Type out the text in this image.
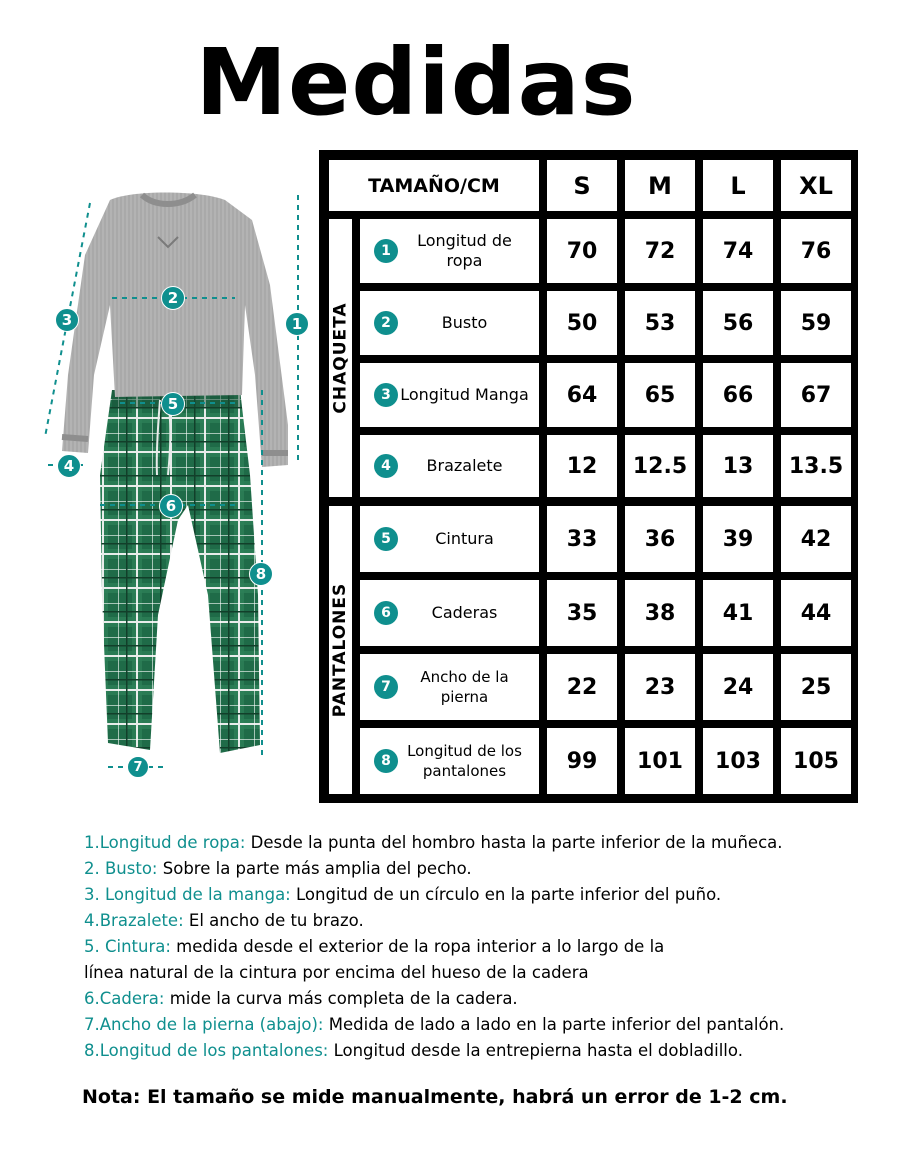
Medidas
1
2
3
4
5
6
7
8
TAMAÑO/CM	S	M	L	XL
CHAQUETA
PANTALONES
1
Longitud de ropa	70	72	74	76
2	Busto	50	53	56	59
3 Longitud Manga	64	65	66	67
4	Brazalete	12	12.5	13	13.5
5	Cintura	33	36	39	42
6	Caderas	35	38	41	44
7
Ancho de la pierna	22	23	24	25
8
Longitud de los pantalones	99	101	103	105
1.Longitud de ropa: Desde la punta del hombro hasta la parte inferior de la muñeca.
2. Busto: Sobre la parte más amplia del pecho.
3. Longitud de la manga: Longitud de un círculo en la parte inferior del puño.
4.Brazalete: El ancho de tu brazo.
5. Cintura: medida desde el exterior de la ropa interior a lo largo de la
línea natural de la cintura por encima del hueso de la cadera
6.Cadera: mide la curva más completa de la cadera.
7.Ancho de la pierna (abajo): Medida de lado a lado en la parte inferior del pantalón.
8.Longitud de los pantalones: Longitud desde la entrepierna hasta el dobladillo.
Nota: El tamaño se mide manualmente, habrá un error de 1-2 cm.
